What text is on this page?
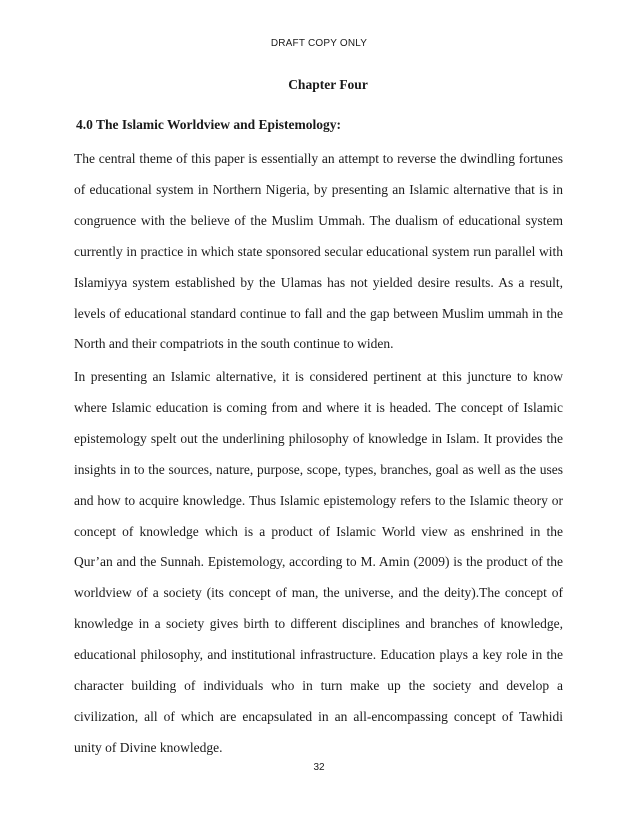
DRAFT COPY ONLY
Chapter Four
4.0 The Islamic Worldview and Epistemology:

The central theme of this paper is essentially an attempt to reverse the dwindling fortunes of educational system in Northern Nigeria, by presenting an Islamic alternative that is in congruence with the believe of the Muslim Ummah. The dualism of educational system currently in practice in which state sponsored secular educational system run parallel with Islamiyya system established by the Ulamas has not yielded desire results. As a result, levels of educational standard continue to fall and the gap between Muslim ummah in the North and their compatriots in the south continue to widen.

In presenting an Islamic alternative, it is considered pertinent at this juncture to know where Islamic education is coming from and where it is headed. The concept of Islamic epistemology spelt out the underlining philosophy of knowledge in Islam. It provides the insights in to the sources, nature, purpose, scope, types, branches, goal as well as the uses and how to acquire knowledge. Thus Islamic epistemology refers to the Islamic theory or concept of knowledge which is a product of Islamic World view as enshrined in the Qur’an and the Sunnah. Epistemology, according to M. Amin (2009) is the product of the worldview of a society (its concept of man, the universe, and the deity).The concept of knowledge in a society gives birth to different disciplines and branches of knowledge, educational philosophy, and institutional infrastructure. Education plays a key role in the character building of individuals who in turn make up the society and develop a civilization, all of which are encapsulated in an all-encompassing concept of Tawhidi unity of Divine knowledge.

32
